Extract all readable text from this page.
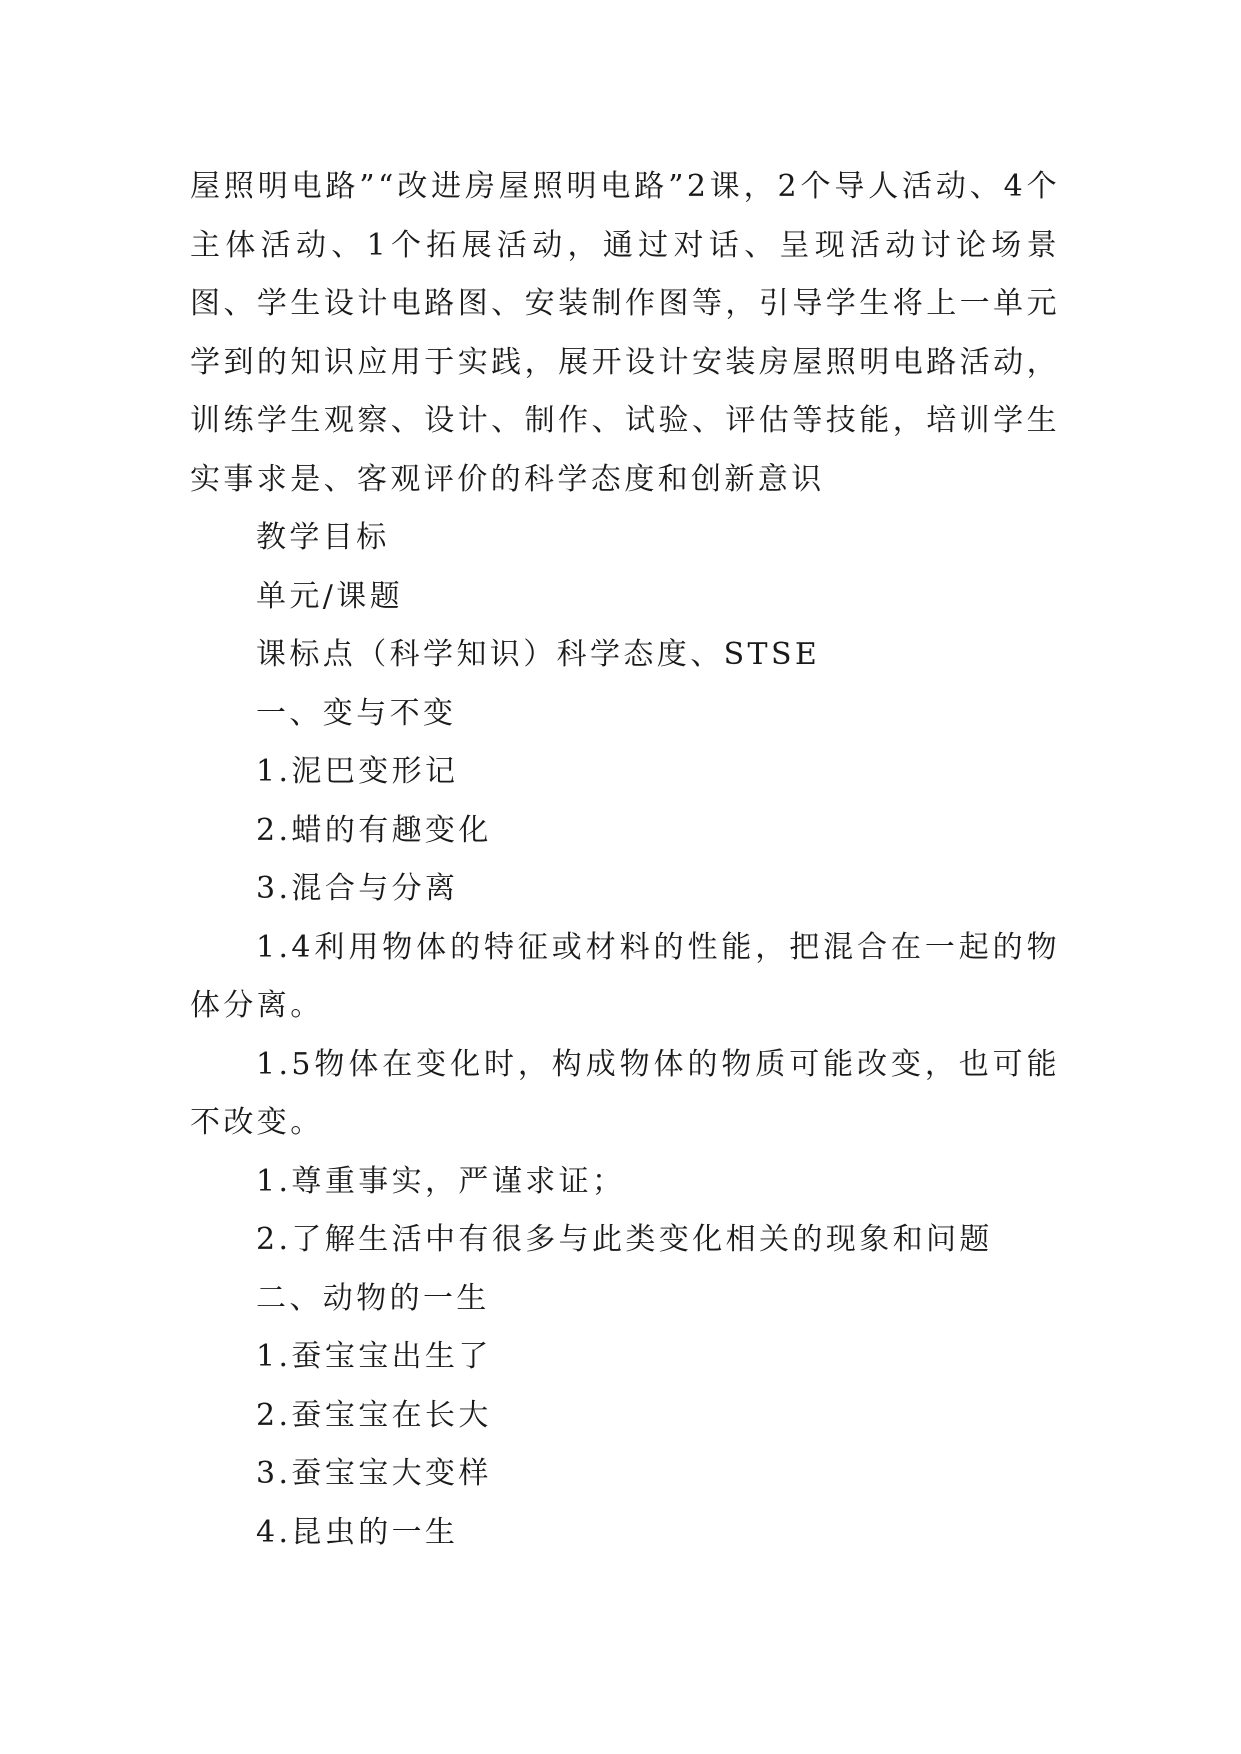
屋照明电路”“改进房屋照明电路”2课，2个导人活动、4个主体活动、1个拓展活动，通过对话、呈现活动讨论场景图、学生设计电路图、安装制作图等，引导学生将上一单元学到的知识应用于实践，展开设计安装房屋照明电路活动，训练学生观察、设计、制作、试验、评估等技能，培训学生实事求是、客观评价的科学态度和创新意识

教学目标

单元/课题

课标点（科学知识）科学态度、STSE

一、变与不变

1.泥巴变形记

2.蜡的有趣变化

3.混合与分离

1.4利用物体的特征或材料的性能，把混合在一起的物体分离。

1.5物体在变化时，构成物体的物质可能改变，也可能不改变。

1.尊重事实，严谨求证；

2.了解生活中有很多与此类变化相关的现象和问题

二、动物的一生

1.蚕宝宝出生了

2.蚕宝宝在长大

3.蚕宝宝大变样

4.昆虫的一生
